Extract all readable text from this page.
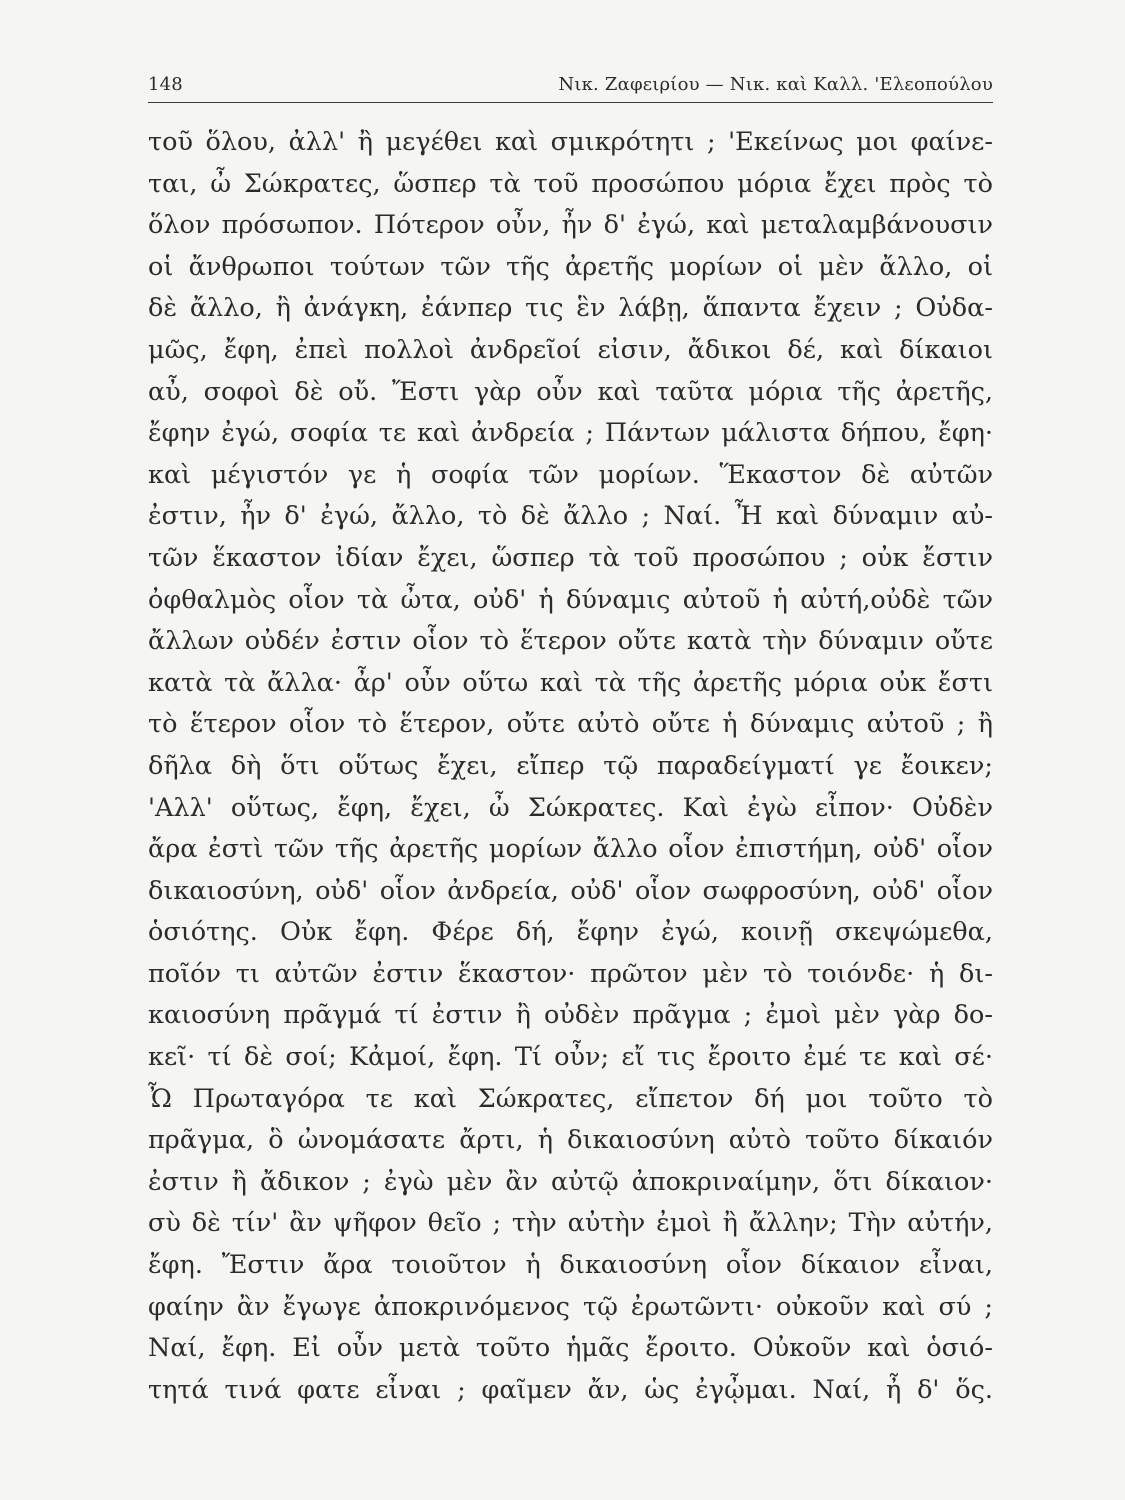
148	Νικ. Ζαφειρίου — Νικ. καὶ Καλλ. 'Ελεοπούλου
τοῦ ὅλου, ἀλλ' ἢ μεγέθει καὶ σμικρότητι ; 'Εκείνως μοι φαίνε-
ται, ὦ Σώκρατες, ὥσπερ τὰ τοῦ προσώπου μόρια ἔχει πρὸς τὸ
ὅλον πρόσωπον. Πότερον οὖν, ἦν δ' ἐγώ, καὶ μεταλαμβάνουσιν
οἱ ἄνθρωποι τούτων τῶν τῆς ἀρετῆς μορίων οἱ μὲν ἄλλο, οἱ
δὲ ἄλλο, ἢ ἀνάγκη, ἐάνπερ τις ἓν λάβῃ, ἅπαντα ἔχειν ; Οὐδα-
μῶς, ἔφη, ἐπεὶ πολλοὶ ἀνδρεῖοί εἰσιν, ἄδικοι δέ, καὶ δίκαιοι
αὖ, σοφοὶ δὲ οὔ. Ἔστι γὰρ οὖν καὶ ταῦτα μόρια τῆς ἀρετῆς,
ἔφην ἐγώ, σοφία τε καὶ ἀνδρεία ; Πάντων μάλιστα δήπου, ἔφη·
καὶ μέγιστόν γε ἡ σοφία τῶν μορίων. Ἕκαστον δὲ αὐτῶν
ἐστιν, ἦν δ' ἐγώ, ἄλλο, τὸ δὲ ἄλλο ; Ναί. Ἦ καὶ δύναμιν αὐ-
τῶν ἕκαστον ἰδίαν ἔχει, ὥσπερ τὰ τοῦ προσώπου ; οὐκ ἔστιν
ὀφθαλμὸς οἷον τὰ ὦτα, οὐδ' ἡ δύναμις αὐτοῦ ἡ αὐτή,οὐδὲ τῶν
ἄλλων οὐδέν ἐστιν οἷον τὸ ἕτερον οὔτε κατὰ τὴν δύναμιν οὔτε
κατὰ τὰ ἄλλα· ἆρ' οὖν οὕτω καὶ τὰ τῆς ἀρετῆς μόρια οὐκ ἔστι
τὸ ἕτερον οἷον τὸ ἕτερον, οὔτε αὐτὸ οὔτε ἡ δύναμις αὐτοῦ ; ἢ
δῆλα δὴ ὅτι οὕτως ἔχει, εἴπερ τῷ παραδείγματί γε ἔοικεν;
'Αλλ' οὕτως, ἔφη, ἔχει, ὦ Σώκρατες. Καὶ ἐγὼ εἶπον· Οὐδὲν
ἄρα ἐστὶ τῶν τῆς ἀρετῆς μορίων ἄλλο οἷον ἐπιστήμη, οὐδ' οἷον
δικαιοσύνη, οὐδ' οἷον ἀνδρεία, οὐδ' οἷον σωφροσύνη, οὐδ' οἷον
ὁσιότης. Οὐκ ἔφη. Φέρε δή, ἔφην ἐγώ, κοινῇ σκεψώμεθα,
ποῖόν τι αὐτῶν ἐστιν ἕκαστον· πρῶτον μὲν τὸ τοιόνδε· ἡ δι-
καιοσύνη πρᾶγμά τί ἐστιν ἢ οὐδὲν πρᾶγμα ; ἐμοὶ μὲν γὰρ δο-
κεῖ· τί δὲ σοί; Κἀμοί, ἔφη. Τί οὖν; εἴ τις ἔροιτο ἐμέ τε καὶ σέ·
Ὦ Πρωταγόρα τε καὶ Σώκρατες, εἴπετον δή μοι τοῦτο τὸ
πρᾶγμα, ὃ ὠνομάσατε ἄρτι, ἡ δικαιοσύνη αὐτὸ τοῦτο δίκαιόν
ἐστιν ἢ ἄδικον ; ἐγὼ μὲν ἂν αὐτῷ ἀποκριναίμην, ὅτι δίκαιον·
σὺ δὲ τίν' ἂν ψῆφον θεῖο ; τὴν αὐτὴν ἐμοὶ ἢ ἄλλην; Τὴν αὐτήν,
ἔφη. Ἔστιν ἄρα τοιοῦτον ἡ δικαιοσύνη οἷον δίκαιον εἶναι,
φαίην ἂν ἔγωγε ἀποκρινόμενος τῷ ἐρωτῶντι· οὐκοῦν καὶ σύ ;
Ναί, ἔφη. Εἰ οὖν μετὰ τοῦτο ἡμᾶς ἔροιτο. Οὐκοῦν καὶ ὁσιό-
τητά τινά φατε εἶναι ; φαῖμεν ἄν, ὡς ἐγᾦμαι. Ναί, ἦ δ' ὅς.
